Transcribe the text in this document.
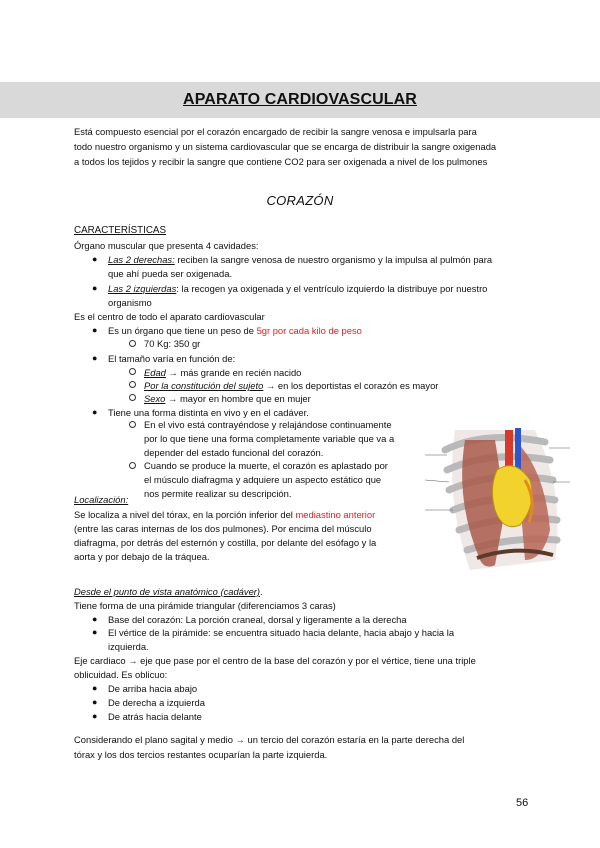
APARATO CARDIOVASCULAR

Está compuesto esencial por el corazón encargado de recibir la sangre venosa e impulsarla para

todo nuestro organismo y un sistema cardiovascular que se encarga de distribuir la sangre oxigenada

a todos los tejidos y recibir la sangre que contiene CO2 para ser oxigenada a nivel de los pulmones

CORAZÓN
CARACTERÍSTICAS

Órgano muscular que presenta 4 cavidades:

● Las 2 derechas: reciben la sangre venosa de nuestro organismo y la impulsa al pulmón para

que ahí pueda ser oxigenada.

● Las 2 izquierdas: la recogen ya oxigenada y el ventrículo izquierdo la distribuye por nuestro

organismo

Es el centro de todo el aparato cardiovascular

● Es un órgano que tiene un peso de 5gr por cada kilo de peso

70 Kg: 350 gr

● El tamaño varía en función de:

Edad → más grande en recién nacido

Por la constitución del sujeto → en los deportistas el corazón es mayor

Sexo → mayor en hombre que en mujer

● Tiene una forma distinta en vivo y en el cadáver.

En el vivo está contrayéndose y relajándose continuamente

por lo que tiene una forma completamente variable que va a

depender del estado funcional del corazón.

Cuando se produce la muerte, el corazón es aplastado por

el músculo diafragma y adquiere un aspecto estático que

nos permite realizar su descripción.

Localización:

Se localiza a nivel del tórax, en la porción inferior del mediastino anterior

(entre las caras internas de los dos pulmones). Por encima del músculo

diafragma, por detrás del esternón y costilla, por delante del esófago y la

aorta y por debajo de la tráquea.

Desde el punto de vista anatómico (cadáver).

Tiene forma de una pirámide triangular (diferenciamos 3 caras)

● Base del corazón: La porción craneal, dorsal y ligeramente a la derecha

● El vértice de la pirámide: se encuentra situado hacia delante, hacia abajo y hacia la

izquierda.

Eje cardiaco → eje que pase por el centro de la base del corazón y por el vértice, tiene una triple

oblicuidad. Es oblicuo:

● De arriba hacia abajo

● De derecha a izquierda

● De atrás hacia delante

Considerando el plano sagital y medio → un tercio del corazón estaría en la parte derecha del

tórax y los dos tercios restantes ocuparían la parte izquierda.

56
